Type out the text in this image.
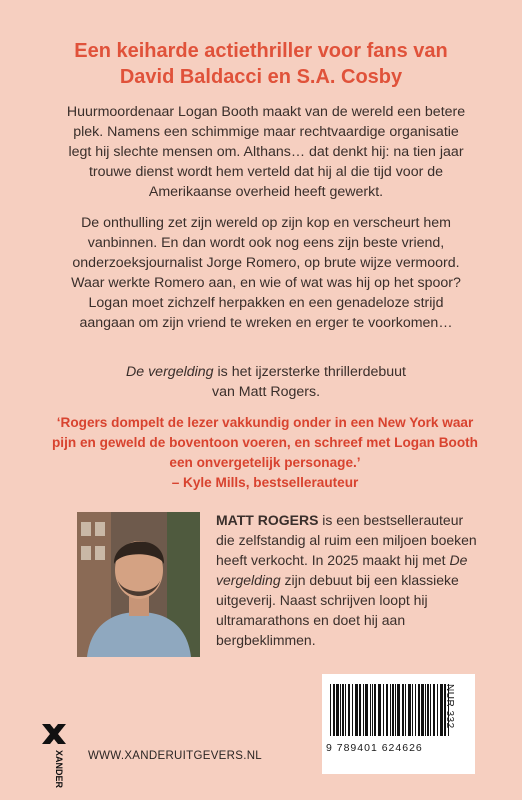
Een keiharde actiethriller voor fans van
David Baldacci en S.A. Cosby

Huurmoordenaar Logan Booth maakt van de wereld een betere plek. Namens een schimmige maar rechtvaardige organisatie legt hij slechte mensen om. Althans… dat denkt hij: na tien jaar trouwe dienst wordt hem verteld dat hij al die tijd voor de Amerikaanse overheid heeft gewerkt.

De onthulling zet zijn wereld op zijn kop en verscheurt hem vanbinnen. En dan wordt ook nog eens zijn beste vriend, onderzoeksjournalist Jorge Romero, op brute wijze vermoord. Waar werkte Romero aan, en wie of wat was hij op het spoor? Logan moet zichzelf herpakken en een genadeloze strijd aangaan om zijn vriend te wreken en erger te voorkomen…

De vergelding is het ijzersterke thrillerdebuut
van Matt Rogers.

‘Rogers dompelt de lezer vakkundig onder in een New York waar pijn en geweld de boventoon voeren, en schreef met Logan Booth een onvergetelijk personage.’
– Kyle Mills, bestsellerauteur

MATT ROGERS is een bestsellerauteur die zelfstandig al ruim een miljoen boeken heeft verkocht. In 2025 maakt hij met De vergelding zijn debuut bij een klassieke uitgeverij. Naast schrijven loopt hij ultramarathons en doet hij aan bergbeklimmen.

NUR 332
9 789401 624626
XANDER WWW.XANDERUITGEVERS.NL
